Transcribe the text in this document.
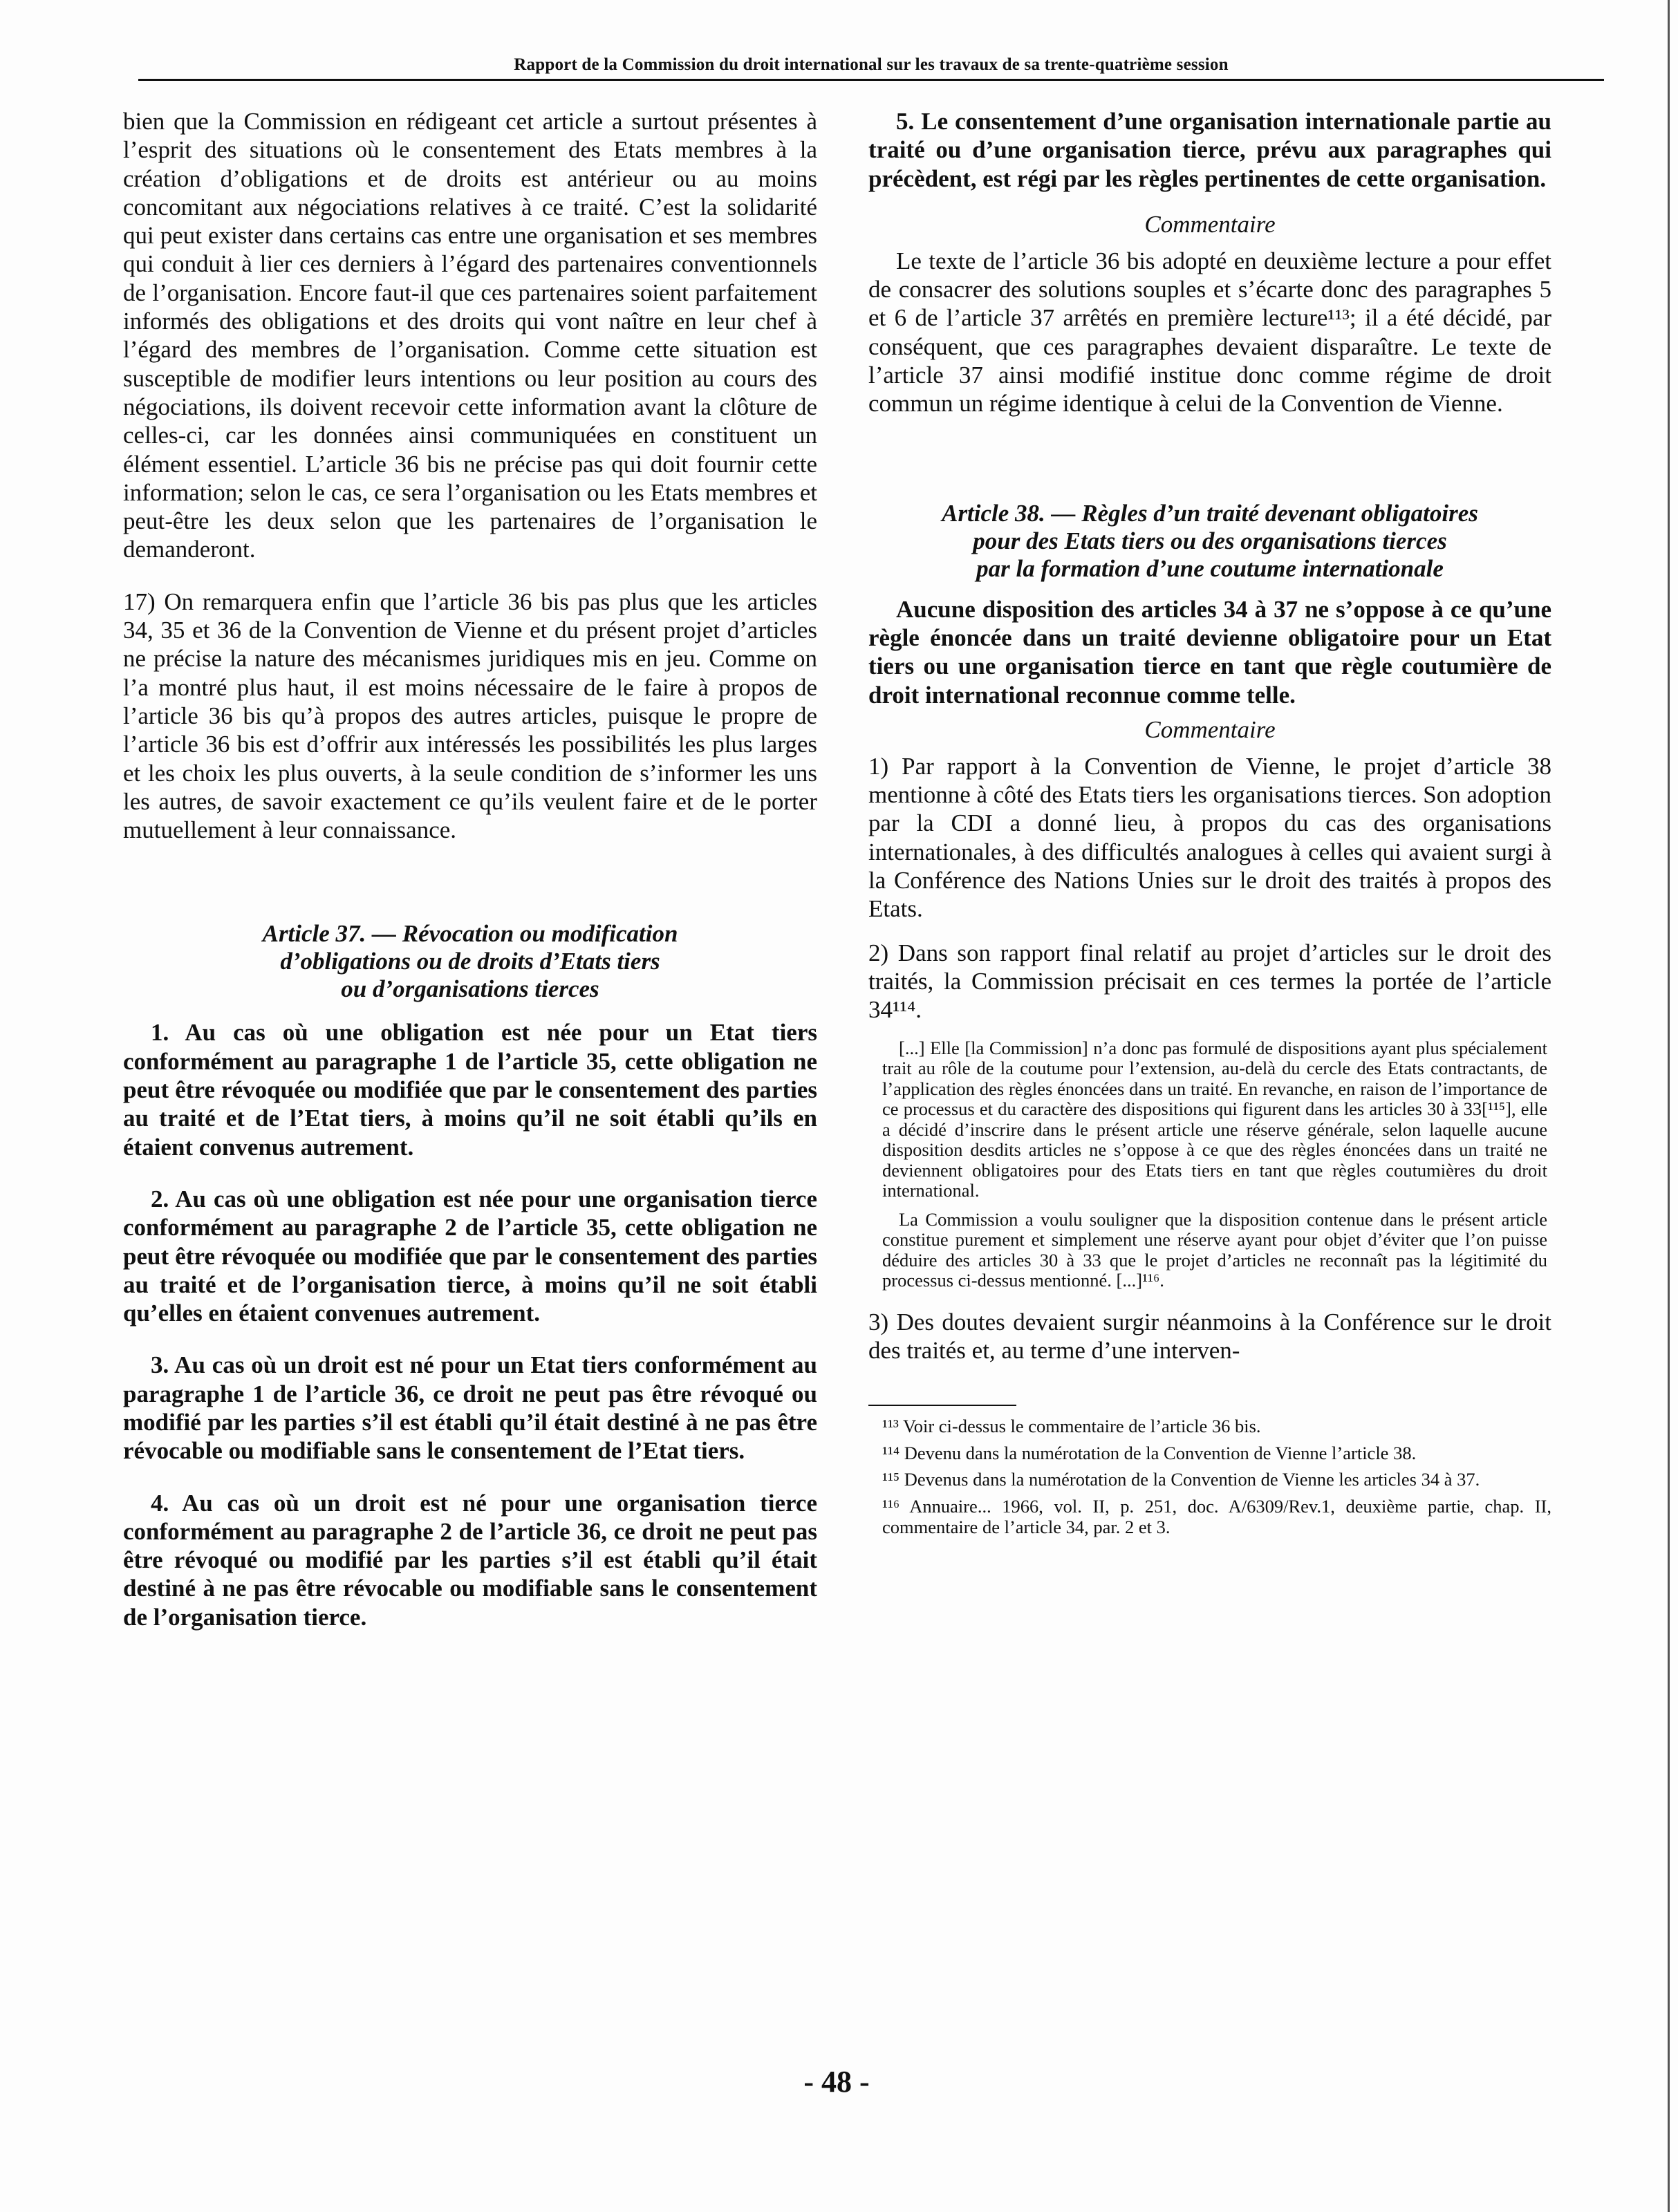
Rapport de la Commission du droit international sur les travaux de sa trente-quatrième session

bien que la Commission en rédigeant cet article a surtout présentes à l’esprit des situations où le consentement des Etats membres à la création d’obligations et de droits est antérieur ou au moins concomitant aux négociations relatives à ce traité. C’est la solidarité qui peut exister dans certains cas entre une organisation et ses membres qui conduit à lier ces derniers à l’égard des partenaires conventionnels de l’organisation. Encore faut-il que ces partenaires soient parfaitement informés des obligations et des droits qui vont naître en leur chef à l’égard des membres de l’organisation. Comme cette situation est susceptible de modifier leurs intentions ou leur position au cours des négociations, ils doivent recevoir cette information avant la clôture de celles-ci, car les données ainsi communiquées en constituent un élément essentiel. L’article 36 bis ne précise pas qui doit fournir cette information; selon le cas, ce sera l’organisation ou les Etats membres et peut-être les deux selon que les partenaires de l’organisation le demanderont.

17) On remarquera enfin que l’article 36 bis pas plus que les articles 34, 35 et 36 de la Convention de Vienne et du présent projet d’articles ne précise la nature des mécanismes juridiques mis en jeu. Comme on l’a montré plus haut, il est moins nécessaire de le faire à propos de l’article 36 bis qu’à propos des autres articles, puisque le propre de l’article 36 bis est d’offrir aux intéressés les possibilités les plus larges et les choix les plus ouverts, à la seule condition de s’informer les uns les autres, de savoir exactement ce qu’ils veulent faire et de le porter mutuellement à leur connaissance.

Article 37. — Révocation ou modification

d’obligations ou de droits d’Etats tiers

ou d’organisations tierces

1. Au cas où une obligation est née pour un Etat tiers conformément au paragraphe 1 de l’article 35, cette obligation ne peut être révoquée ou modifiée que par le consentement des parties au traité et de l’Etat tiers, à moins qu’il ne soit établi qu’ils en étaient convenus autrement.

2. Au cas où une obligation est née pour une organisation tierce conformément au paragraphe 2 de l’article 35, cette obligation ne peut être révoquée ou modifiée que par le consentement des parties au traité et de l’organisation tierce, à moins qu’il ne soit établi qu’elles en étaient convenues autrement.

3. Au cas où un droit est né pour un Etat tiers conformément au paragraphe 1 de l’article 36, ce droit ne peut pas être révoqué ou modifié par les parties s’il est établi qu’il était destiné à ne pas être révocable ou modifiable sans le consentement de l’Etat tiers.

4. Au cas où un droit est né pour une organisation tierce conformément au paragraphe 2 de l’article 36, ce droit ne peut pas être révoqué ou modifié par les parties s’il est établi qu’il était destiné à ne pas être révocable ou modifiable sans le consentement de l’organisation tierce.

5. Le consentement d’une organisation internationale partie au traité ou d’une organisation tierce, prévu aux paragraphes qui précèdent, est régi par les règles pertinentes de cette organisation.

Commentaire

Le texte de l’article 36 bis adopté en deuxième lecture a pour effet de consacrer des solutions souples et s’écarte donc des paragraphes 5 et 6 de l’article 37 arrêtés en première lecture¹¹³; il a été décidé, par conséquent, que ces paragraphes devaient disparaître. Le texte de l’article 37 ainsi modifié institue donc comme régime de droit commun un régime identique à celui de la Convention de Vienne.

Article 38. — Règles d’un traité devenant obligatoires

pour des Etats tiers ou des organisations tierces

par la formation d’une coutume internationale

Aucune disposition des articles 34 à 37 ne s’oppose à ce qu’une règle énoncée dans un traité devienne obligatoire pour un Etat tiers ou une organisation tierce en tant que règle coutumière de droit international reconnue comme telle.

Commentaire

1) Par rapport à la Convention de Vienne, le projet d’article 38 mentionne à côté des Etats tiers les organisations tierces. Son adoption par la CDI a donné lieu, à propos du cas des organisations internationales, à des difficultés analogues à celles qui avaient surgi à la Conférence des Nations Unies sur le droit des traités à propos des Etats.

2) Dans son rapport final relatif au projet d’articles sur le droit des traités, la Commission précisait en ces termes la portée de l’article 34¹¹⁴.

[...] Elle [la Commission] n’a donc pas formulé de dispositions ayant plus spécialement trait au rôle de la coutume pour l’extension, au-delà du cercle des Etats contractants, de l’application des règles énoncées dans un traité. En revanche, en raison de l’importance de ce processus et du caractère des dispositions qui figurent dans les articles 30 à 33[¹¹⁵], elle a décidé d’inscrire dans le présent article une réserve générale, selon laquelle aucune disposition desdits articles ne s’oppose à ce que des règles énoncées dans un traité ne deviennent obligatoires pour des Etats tiers en tant que règles coutumières du droit international.

La Commission a voulu souligner que la disposition contenue dans le présent article constitue purement et simplement une réserve ayant pour objet d’éviter que l’on puisse déduire des articles 30 à 33 que le projet d’articles ne reconnaît pas la légitimité du processus ci-dessus mentionné. [...]¹¹⁶.

3) Des doutes devaient surgir néanmoins à la Conférence sur le droit des traités et, au terme d’une interven-

¹¹³ Voir ci-dessus le commentaire de l’article 36 bis.

¹¹⁴ Devenu dans la numérotation de la Convention de Vienne l’article 38.

¹¹⁵ Devenus dans la numérotation de la Convention de Vienne les articles 34 à 37.

¹¹⁶ Annuaire... 1966, vol. II, p. 251, doc. A/6309/Rev.1, deuxième partie, chap. II, commentaire de l’article 34, par. 2 et 3.

- 48 -
